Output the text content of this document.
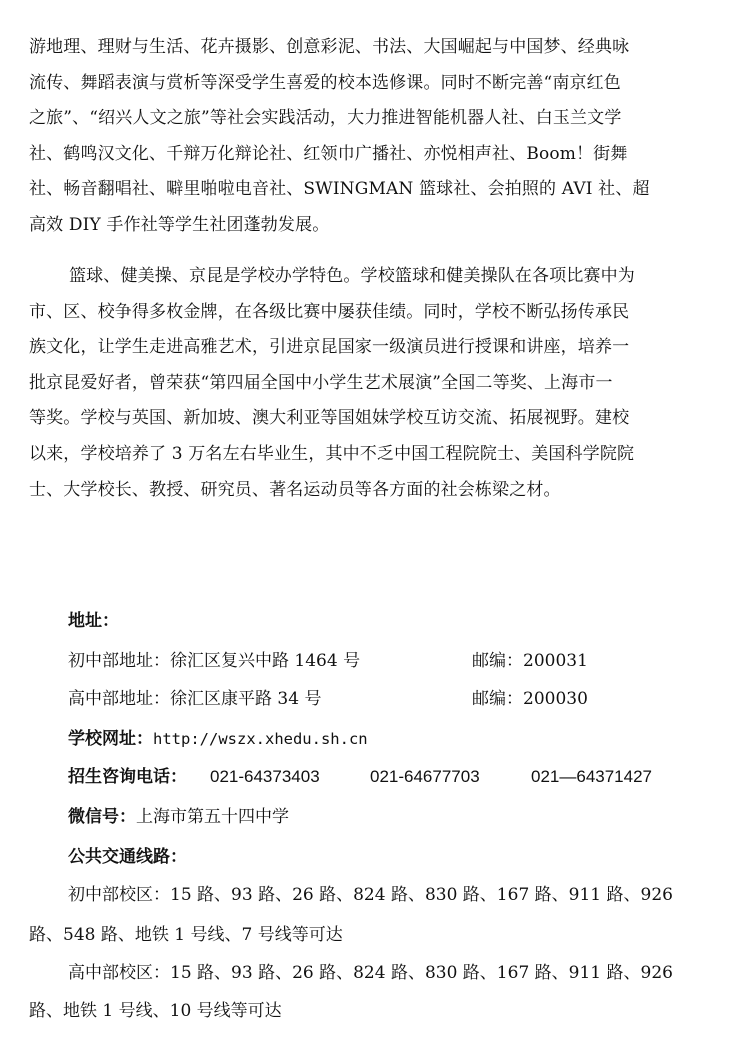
游地理、理财与生活、花卉摄影、创意彩泥、书法、大国崛起与中国梦、经典咏
流传、舞蹈表演与赏析等深受学生喜爱的校本选修课。同时不断完善“南京红色
之旅”、“绍兴人文之旅”等社会实践活动，大力推进智能机器人社、白玉兰文学
社、鹤鸣汉文化、千辩万化辩论社、红领巾广播社、亦悦相声社、Boom！街舞
社、畅音翻唱社、噼里啪啦电音社、SWINGMAN 篮球社、会拍照的 AVI 社、超
高效 DIY 手作社等学生社团蓬勃发展。
篮球、健美操、京昆是学校办学特色。学校篮球和健美操队在各项比赛中为
市、区、校争得多枚金牌，在各级比赛中屡获佳绩。同时，学校不断弘扬传承民
族文化，让学生走进高雅艺术，引进京昆国家一级演员进行授课和讲座，培养一
批京昆爱好者，曾荣获“第四届全国中小学生艺术展演”全国二等奖、上海市一
等奖。学校与英国、新加坡、澳大利亚等国姐妹学校互访交流、拓展视野。建校
以来，学校培养了 3 万名左右毕业生，其中不乏中国工程院院士、美国科学院院
士、大学校长、教授、研究员、著名运动员等各方面的社会栋梁之材。
地址：
初中部地址：徐汇区复兴中路 1464 号	邮编：200031
高中部地址：徐汇区康平路 34 号	邮编：200030
学校网址：http://wszx.xhedu.sh.cn
招生咨询电话： 021-64373403	021-64677703	021—64371427
微信号：上海市第五十四中学
公共交通线路：
初中部校区：15 路、93 路、26 路、824 路、830 路、167 路、911 路、926
路、548 路、地铁 1 号线、7 号线等可达
高中部校区：15 路、93 路、26 路、824 路、830 路、167 路、911 路、926
路、地铁 1 号线、10 号线等可达
